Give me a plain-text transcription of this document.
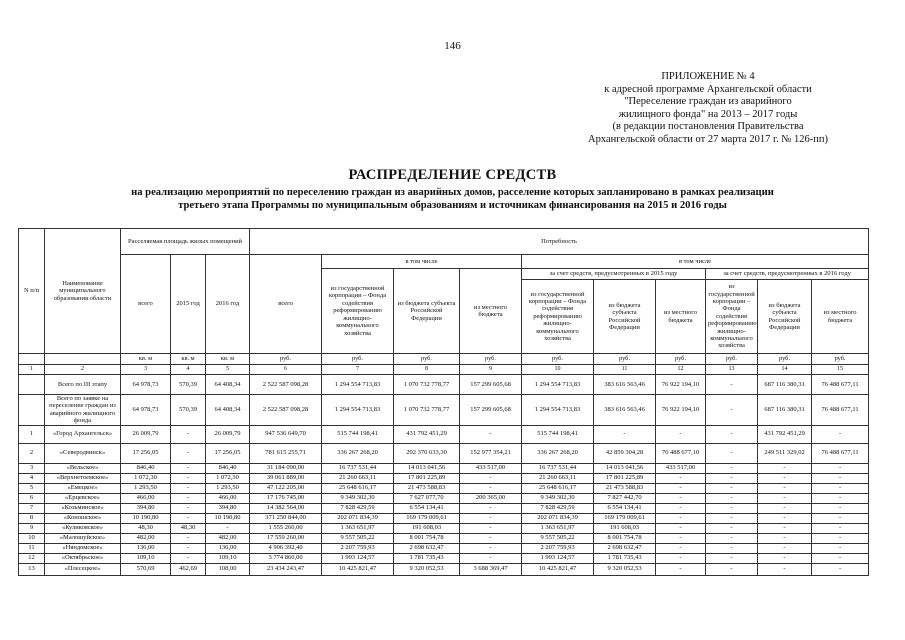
146
ПРИЛОЖЕНИЕ № 4
к адресной программе Архангельской области
"Переселение граждан из аварийного
жилищного фонда" на 2013 – 2017 годы
(в редакции постановления Правительства
Архангельской области от 27 марта 2017 г. № 126-пп)
РАСПРЕДЕЛЕНИЕ СРЕДСТВ
на реализацию мероприятий по переселению граждан из аварийных домов, расселение которых запланировано в рамках реализации
третьего этапа Программы по муниципальным образованиям и источникам финансирования на 2015 и 2016 годы
N п/п	Наименование муниципального образования области	Расселяемая площадь жилых помещений			Потребность									
		всего	2015 год	2016 год	всего	в том числе			в том числе					
						из государственной корпорации – Фонда содействия реформированию жилищно-коммунального хозяйства	из бюджета субъекта Российской Федерации	из местного бюджета	за счет средств, предусмотренных в 2015 году			за счет средств, предусмотренных в 2016 году		
									из государственной корпорации – Фонда содействия реформированию жилищно-коммунального хозяйства	из бюджета субъекта Российской Федерации	из местного бюджета	из государственной корпорации – Фонда содействия реформированию жилищно-коммунального хозяйства	из бюджета субъекта Российской Федерации	из местного бюджета
		кв. м	кв. м	кв. м	руб.	руб.	руб.	руб.	руб.	руб.	руб.	руб.	руб.	руб.
1	2	3	4	5	6	7	8	9	10	11	12	13	14	15
	Всего по III этапу	64 978,73	570,39	64 408,34	2 522 587 098,28	1 294 554 713,83	1 070 732 778,77	157 299 605,68	1 294 554 713,83	383 616 563,46	76 922 194,10	-	687 116 380,31	76 488 677,11
	Всего по заявке на переселение граждан из аварийного жилищного фонда	64 978,73	570,39	64 408,34	2 522 587 098,28	1 294 554 713,83	1 070 732 778,77	157 299 605,68	1 294 554 713,83	383 616 563,46	76 922 194,10	-	687 116 380,31	76 488 677,11
1	«Город Архангельск»	26 009,79	-	26 009,79	947 536 649,70	515 744 198,41	431 792 451,29	-	515 744 198,41	-	-	-	431 792 451,29	-
2	«Северодвинск»	17 256,05	-	17 256,05	781 615 255,71	336 267 268,20	292 370 633,30	152 977 354,21	336 267 268,20	42 859 304,28	76 488 677,10	-	249 511 329,02	76 488 677,11
3	«Вельское»	846,40	-	846,40	31 184 090,00	16 737 531,44	14 013 041,56	433 517,00	16 737 531,44	14 013 041,56	433 517,00	-	-	-
4	«Верхнетоемское»	1 072,30	-	1 072,30	39 061 889,00	21 260 663,11	17 801 225,89	-	21 260 663,11	17 801 225,89	-	-	-	-
5	«Емецкое»	1 293,50	-	1 293,50	47 122 205,00	25 648 616,17	21 473 588,83	-	25 648 616,17	21 473 588,83	-	-	-	-
6	«Ерцевское»	466,00	-	466,00	17 176 745,00	9 349 302,30	7 627 077,70	200 365,00	9 349 302,30	7 827 442,70	-	-	-	-
7	«Козьминское»	394,80	-	394,80	14 382 564,00	7 828 429,59	6 554 134,41	-	7 828 429,59	6 554 134,41	-	-	-	-
8	«Коношское»	10 190,80	-	10 190,80	371 250 844,00	202 071 834,39	169 179 009,61	-	202 071 834,39	169 179 009,61	-	-	-	-
9	«Куликовское»	48,30	48,30	-	1 555 260,00	1 363 651,97	191 608,03	-	1 363 651,97	191 608,03	-	-	-	-
10	«Малошуйское»	482,00	-	482,00	17 559 260,00	9 557 505,22	8 001 754,78	-	9 557 505,22	8 001 754,78	-	-	-	-
11	«Няндомское»	136,00	-	136,00	4 906 392,40	2 207 759,93	2 698 632,47	-	2 207 759,93	2 698 632,47	-	-	-	-
12	«Октябрьское»	109,10	-	109,10	3 774 860,00	1 993 124,57	1 781 735,43	-	1 993 124,57	1 781 735,43	-	-	-	-
13	«Плесецкое»	570,69	462,69	108,00	23 434 243,47	10 425 821,47	9 320 052,53	3 688 369,47	10 425 821,47	9 320 052,53	-	-	-	-
